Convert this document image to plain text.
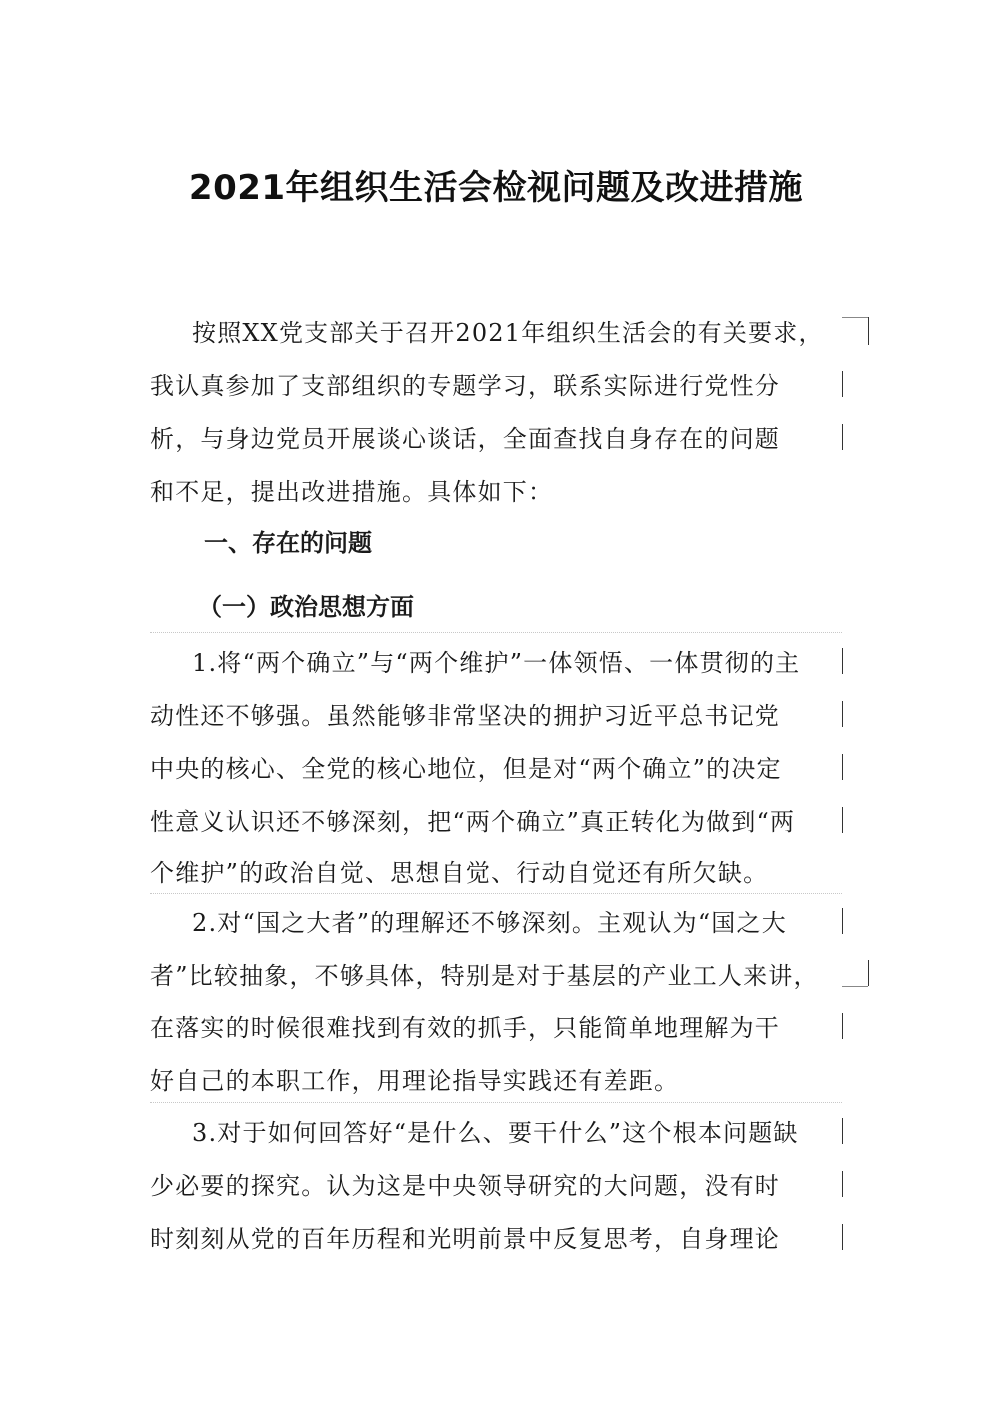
2021年组织生活会检视问题及改进措施
按照XX党支部关于召开2021年组织生活会的有关要求，
我认真参加了支部组织的专题学习，联系实际进行党性分
析，与身边党员开展谈心谈话，全面查找自身存在的问题
和不足，提出改进措施。具体如下：
一、存在的问题
（一）政治思想方面
1.将“两个确立”与“两个维护”一体领悟、一体贯彻的主
动性还不够强。虽然能够非常坚决的拥护习近平总书记党
中央的核心、全党的核心地位，但是对“两个确立”的决定
性意义认识还不够深刻，把“两个确立”真正转化为做到“两
个维护”的政治自觉、思想自觉、行动自觉还有所欠缺。
2.对“国之大者”的理解还不够深刻。主观认为“国之大
者”比较抽象，不够具体，特别是对于基层的产业工人来讲，
在落实的时候很难找到有效的抓手，只能简单地理解为干
好自己的本职工作，用理论指导实践还有差距。
3.对于如何回答好“是什么、要干什么”这个根本问题缺
少必要的探究。认为这是中央领导研究的大问题，没有时
时刻刻从党的百年历程和光明前景中反复思考，自身理论
